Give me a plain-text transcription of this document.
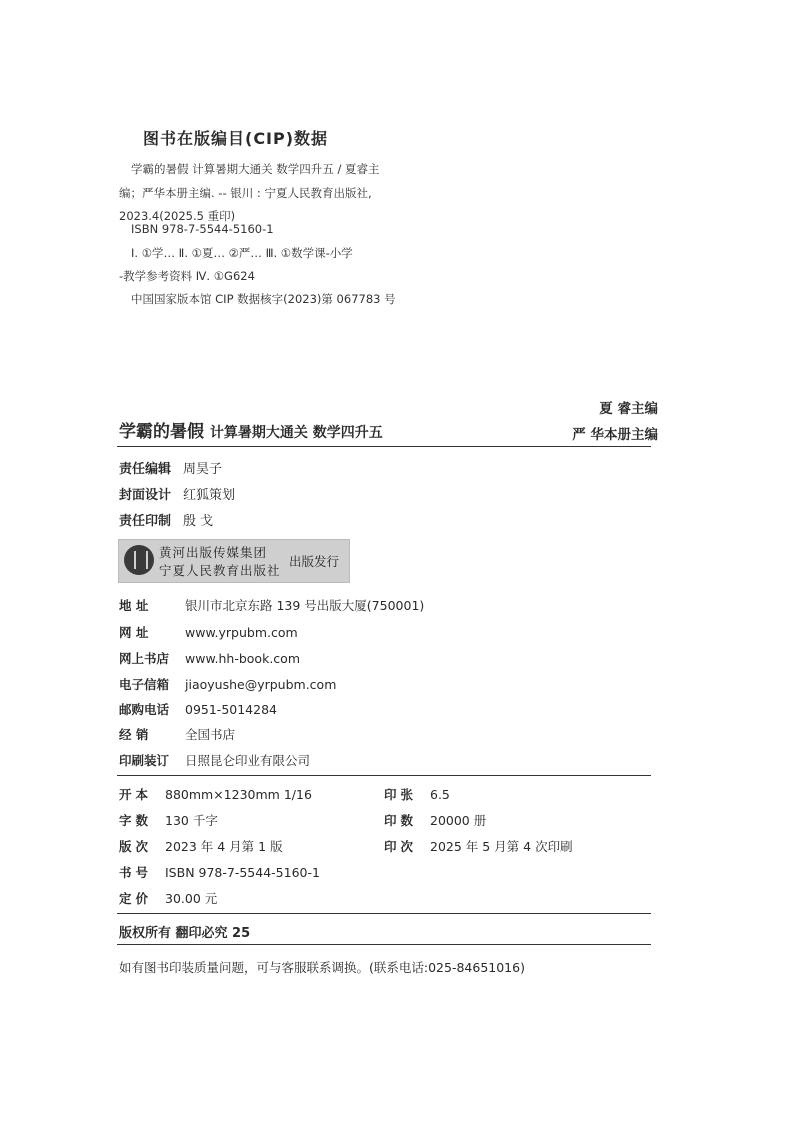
图书在版编目(CIP)数据
学霸的暑假 计算暑期大通关 数学四升五 / 夏睿主
编；严华本册主编. -- 银川 : 宁夏人民教育出版社,
2023.4(2025.5 重印)
ISBN 978-7-5544-5160-1
Ⅰ. ①学… Ⅱ. ①夏… ②严… Ⅲ. ①数学课-小学
-教学参考资料 Ⅳ. ①G624
中国国家版本馆 CIP 数据核字(2023)第 067783 号
夏 睿主编
严 华本册主编
学霸的暑假 计算暑期大通关 数学四升五
责任编辑 周昊子
封面设计 红狐策划
责任印制 殷 戈
黄河出版传媒集团
宁夏人民教育出版社
出版发行
地 址	银川市北京东路 139 号出版大厦(750001)
网 址	www.yrpubm.com
网上书店 www.hh-book.com
电子信箱 jiaoyushe@yrpubm.com
邮购电话 0951-5014284
经 销	全国书店
印刷装订 日照昆仑印业有限公司
开本 880mm×1230mm 1/16	印张 6.5
字数 130 千字	印数 20000 册
版次 2023 年 4 月第 1 版	印次 2025 年 5 月第 4 次印刷
书号 ISBN 978-7-5544-5160-1
定价 30.00 元
版权所有 翻印必究 25
如有图书印装质量问题，可与客服联系调换。(联系电话:025-84651016)
